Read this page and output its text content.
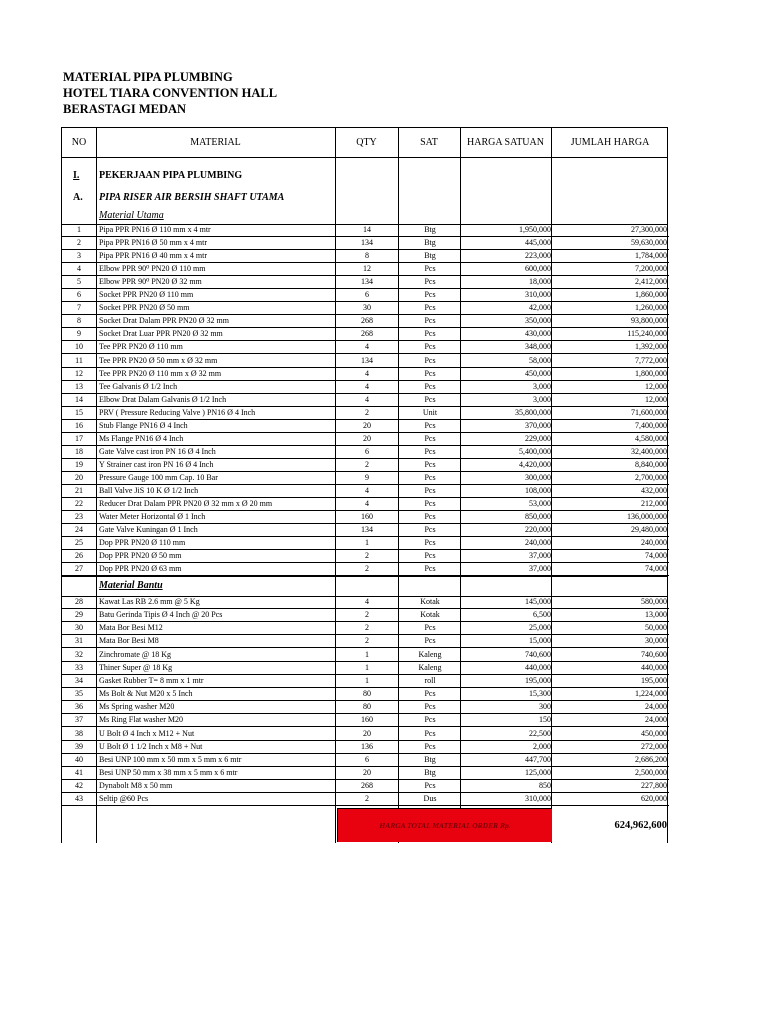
MATERIAL PIPA PLUMBING
HOTEL TIARA CONVENTION HALL
BERASTAGI MEDAN
NO	MATERIAL	QTY	SAT	HARGA SATUAN	JUMLAH HARGA
I. PEKERJAAN PIPA PLUMBING
A. PIPA RISER AIR BERSIH SHAFT UTAMA
Material Utama
1	Pipa PPR PN16 Ø 110 mm x 4 mtr	14	Btg	1,950,000	27,300,000
2	Pipa PPR PN16 Ø 50 mm x 4 mtr	134	Btg	445,000	59,630,000
3	Pipa PPR PN16 Ø 40 mm x 4 mtr	8	Btg	223,000	1,784,000
4	Elbow PPR 90⁰ PN20 Ø 110 mm	12	Pcs	600,000	7,200,000
5	Elbow PPR 90⁰ PN20 Ø 32 mm	134	Pcs	18,000	2,412,000
6	Socket PPR PN20 Ø 110 mm	6	Pcs	310,000	1,860,000
7	Socket PPR PN20 Ø 50 mm	30	Pcs	42,000	1,260,000
8	Socket Drat Dalam PPR PN20 Ø 32 mm	268	Pcs	350,000	93,800,000
9	Socket Drat Luar PPR PN20 Ø 32 mm	268	Pcs	430,000	115,240,000
10	Tee PPR PN20 Ø 110 mm	4	Pcs	348,000	1,392,000
11	Tee PPR PN20 Ø 50 mm x Ø 32 mm	134	Pcs	58,000	7,772,000
12	Tee PPR PN20 Ø 110 mm x Ø 32 mm	4	Pcs	450,000	1,800,000
13	Tee Galvanis Ø 1/2 Inch	4	Pcs	3,000	12,000
14	Elbow Drat Dalam Galvanis Ø 1/2 Inch	4	Pcs	3,000	12,000
15	PRV ( Pressure Reducing Valve ) PN16 Ø 4 Inch	2	Unit	35,800,000	71,600,000
16	Stub Flange PN16 Ø 4 Inch	20	Pcs	370,000	7,400,000
17	Ms Flange PN16 Ø 4 Inch	20	Pcs	229,000	4,580,000
18	Gate Valve cast iron PN 16 Ø 4 Inch	6	Pcs	5,400,000	32,400,000
19	Y Strainer cast iron PN 16 Ø 4 Inch	2	Pcs	4,420,000	8,840,000
20	Pressure Gauge 100 mm Cap. 10 Bar	9	Pcs	300,000	2,700,000
21	Ball Valve JiS 10 K Ø 1/2 Inch	4	Pcs	108,000	432,000
22	Reducer Drat Dalam PPR PN20 Ø 32 mm x Ø 20 mm	4	Pcs	53,000	212,000
23	Water Meter Horizontal Ø 1 Inch	160	Pcs	850,000	136,000,000
24	Gate Valve Kuningan Ø 1 Inch	134	Pcs	220,000	29,480,000
25	Dop PPR PN20 Ø 110 mm	1	Pcs	240,000	240,000
26	Dop PPR PN20 Ø 50 mm	2	Pcs	37,000	74,000
27	Dop PPR PN20 Ø 63 mm	2	Pcs	37,000	74,000
Material Bantu
28	Kawat Las RB 2.6 mm @ 5 Kg	4	Kotak	145,000	580,000
29	Batu Gerinda Tipis Ø 4 Inch @ 20 Pcs	2	Kotak	6,500	13,000
30	Mata Bor Besi M12	2	Pcs	25,000	50,000
31	Mata Bor Besi M8	2	Pcs	15,000	30,000
32	Zinchromate @ 18 Kg	1	Kaleng	740,600	740,600
33	Thiner Super @ 18 Kg	1	Kaleng	440,000	440,000
34	Gasket Rubber T= 8 mm x 1 mtr	1	roll	195,000	195,000
35	Ms Bolt & Nut M20 x 5 Inch	80	Pcs	15,300	1,224,000
36	Ms Spring washer M20	80	Pcs	300	24,000
37	Ms Ring Flat washer M20	160	Pcs	150	24,000
38	U Bolt Ø 4 Inch x M12 + Nut	20	Pcs	22,500	450,000
39	U Bolt Ø 1 1/2 Inch x M8 + Nut	136	Pcs	2,000	272,000
40	Besi UNP 100 mm x 50 mm x 5 mm x 6 mtr	6	Btg	447,700	2,686,200
41	Besi UNP 50 mm x 38 mm x 5 mm x 6 mtr	20	Btg	125,000	2,500,000
42	Dynabolt M8 x 50 mm	268	Pcs	850	227,800
43	Seltip @60 Pcs	2	Dus	310,000	620,000
HARGA TOTAL MATERIAL ORDER Rp.	624,962,600
